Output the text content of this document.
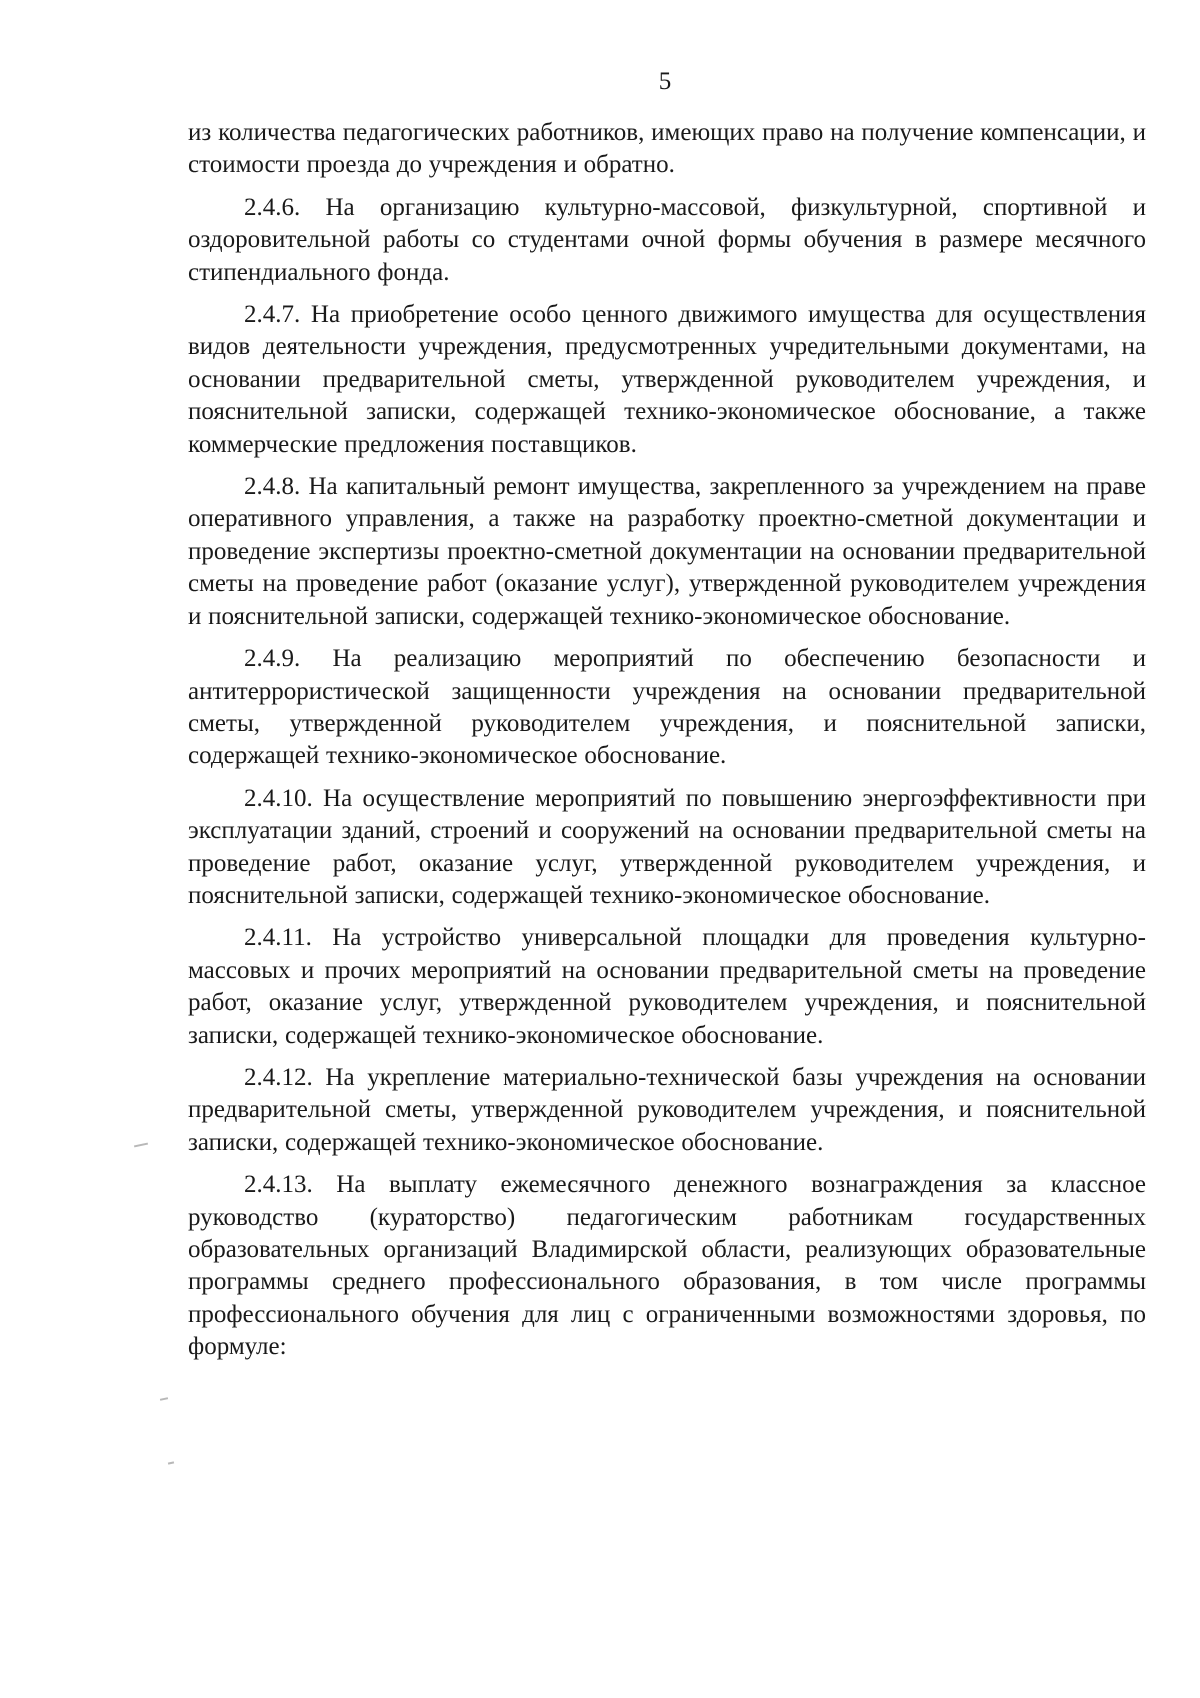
5

из количества педагогических работников, имеющих право на получение компенсации, и стоимости проезда до учреждения и обратно.

2.4.6. На организацию культурно-массовой, физкультурной, спортивной и оздоровительной работы со студентами очной формы обучения в размере месячного стипендиального фонда.

2.4.7. На приобретение особо ценного движимого имущества для осуществления видов деятельности учреждения, предусмотренных учредительными документами, на основании предварительной сметы, утвержденной руководителем учреждения, и пояснительной записки, содержащей технико-экономическое обоснование, а также коммерческие предложения поставщиков.

2.4.8. На капитальный ремонт имущества, закрепленного за учреждением на праве оперативного управления, а также на разработку проектно-сметной документации и проведение экспертизы проектно-сметной документации на основании предварительной сметы на проведение работ (оказание услуг), утвержденной руководителем учреждения и пояснительной записки, содержащей технико-экономическое обоснование.

2.4.9. На реализацию мероприятий по обеспечению безопасности и антитеррористической защищенности учреждения на основании предварительной сметы, утвержденной руководителем учреждения, и пояснительной записки, содержащей технико-экономическое обоснование.

2.4.10. На осуществление мероприятий по повышению энергоэффективности при эксплуатации зданий, строений и сооружений на основании предварительной сметы на проведение работ, оказание услуг, утвержденной руководителем учреждения, и пояснительной записки, содержащей технико-экономическое обоснование.

2.4.11. На устройство универсальной площадки для проведения культурно-массовых и прочих мероприятий на основании предварительной сметы на проведение работ, оказание услуг, утвержденной руководителем учреждения, и пояснительной записки, содержащей технико-экономическое обоснование.

2.4.12. На укрепление материально-технической базы учреждения на основании предварительной сметы, утвержденной руководителем учреждения, и пояснительной записки, содержащей технико-экономическое обоснование.

2.4.13. На выплату ежемесячного денежного вознаграждения за классное руководство (кураторство) педагогическим работникам государственных образовательных организаций Владимирской области, реализующих образовательные программы среднего профессионального образования, в том числе программы профессионального обучения для лиц с ограниченными возможностями здоровья, по формуле:
